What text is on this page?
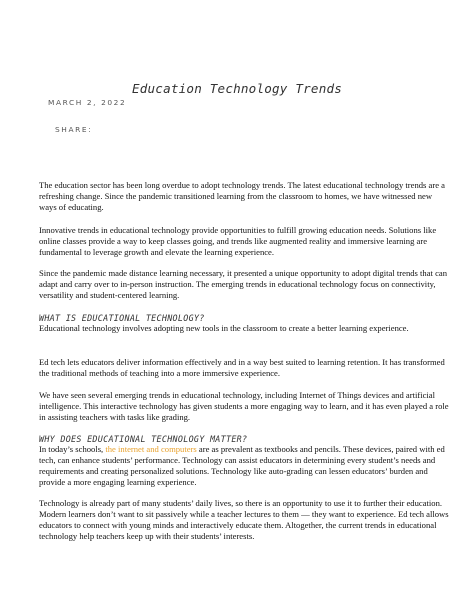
Education Technology Trends
MARCH 2, 2022
SHARE:

The education sector has been long overdue to adopt technology trends. The latest educational technology trends are a refreshing change. Since the pandemic transitioned learning from the classroom to homes, we have witnessed new ways of educating.

Innovative trends in educational technology provide opportunities to fulfill growing education needs. Solutions like online classes provide a way to keep classes going, and trends like augmented reality and immersive learning are fundamental to leverage growth and elevate the learning experience.

Since the pandemic made distance learning necessary, it presented a unique opportunity to adopt digital trends that can adapt and carry over to in-person instruction. The emerging trends in educational technology focus on connectivity, versatility and student-centered learning.

WHAT IS EDUCATIONAL TECHNOLOGY?

Educational technology involves adopting new tools in the classroom to create a better learning experience.

Ed tech lets educators deliver information effectively and in a way best suited to learning retention. It has transformed the traditional methods of teaching into a more immersive experience.

We have seen several emerging trends in educational technology, including Internet of Things devices and artificial intelligence. This interactive technology has given students a more engaging way to learn, and it has even played a role in assisting teachers with tasks like grading.

WHY DOES EDUCATIONAL TECHNOLOGY MATTER?

In today’s schools, the internet and computers are as prevalent as textbooks and pencils. These devices, paired with ed tech, can enhance students’ performance. Technology can assist educators in determining every student’s needs and requirements and creating personalized solutions. Technology like auto-grading can lessen educators’ burden and provide a more engaging learning experience.

Technology is already part of many students’ daily lives, so there is an opportunity to use it to further their education. Modern learners don’t want to sit passively while a teacher lectures to them — they want to experience. Ed tech allows educators to connect with young minds and interactively educate them. Altogether, the current trends in educational technology help teachers keep up with their students’ interests.
